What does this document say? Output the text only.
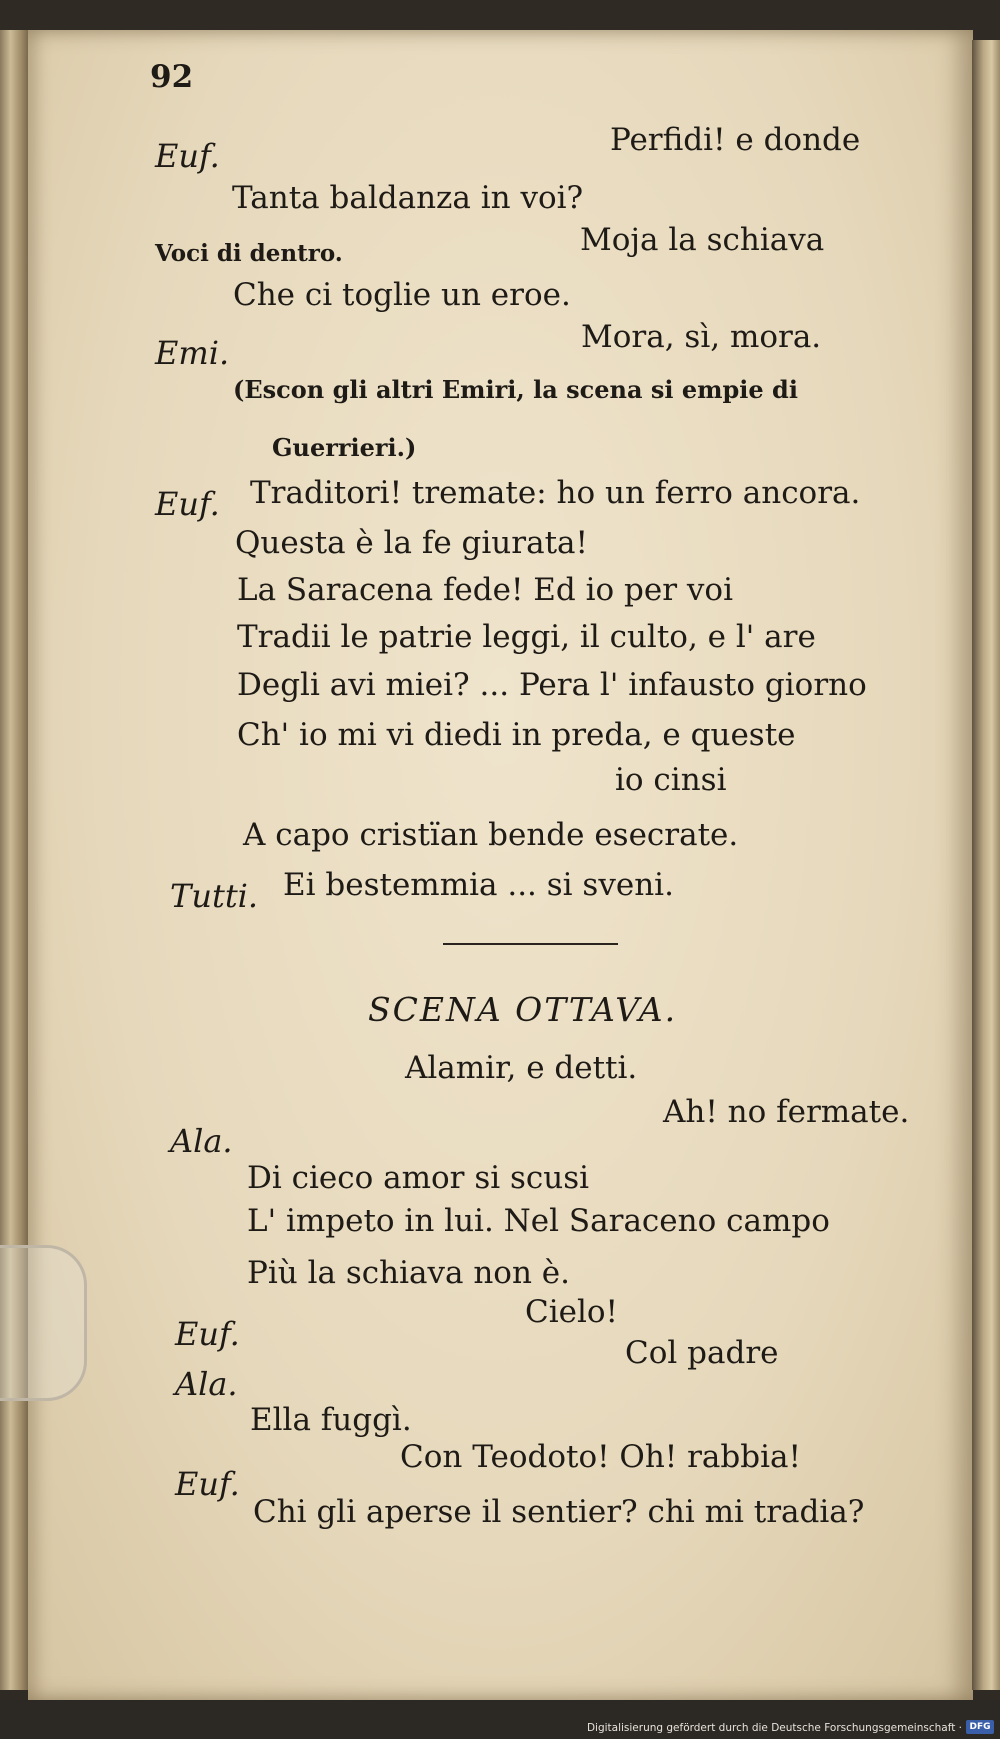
92
Euf.	Perfidi! e donde
Tanta baldanza in voi?
Voci di dentro.	Moja la schiava
Che ci toglie un eroe.
Emi.	Mora, sì, mora.
(Escon gli altri Emiri, la scena si empie di
Guerrieri.)
Euf. Traditori! tremate: ho un ferro ancora.
Questa è la fe giurata!
La Saracena fede! Ed io per voi
Tradii le patrie leggi, il culto, e l' are
Degli avi miei? ... Pera l' infausto giorno
Ch' io mi vi diedi in preda, e queste
io cinsi
A capo cristïan bende esecrate.
Tutti. Ei bestemmia ... si sveni.
SCENA OTTAVA.
Alamir, e detti.
Ah! no fermate.
Ala.
Di cieco amor si scusi
L' impeto in lui. Nel Saraceno campo
Più la schiava non è.
Cielo!
Euf.	Col padre
Ala.
Ella fuggì.
Con Teodoto! Oh! rabbia!
Euf.
Chi gli aperse il sentier? chi mi tradia?
Digitalisierung gefördert durch die Deutsche Forschungsgemeinschaft · DFG
